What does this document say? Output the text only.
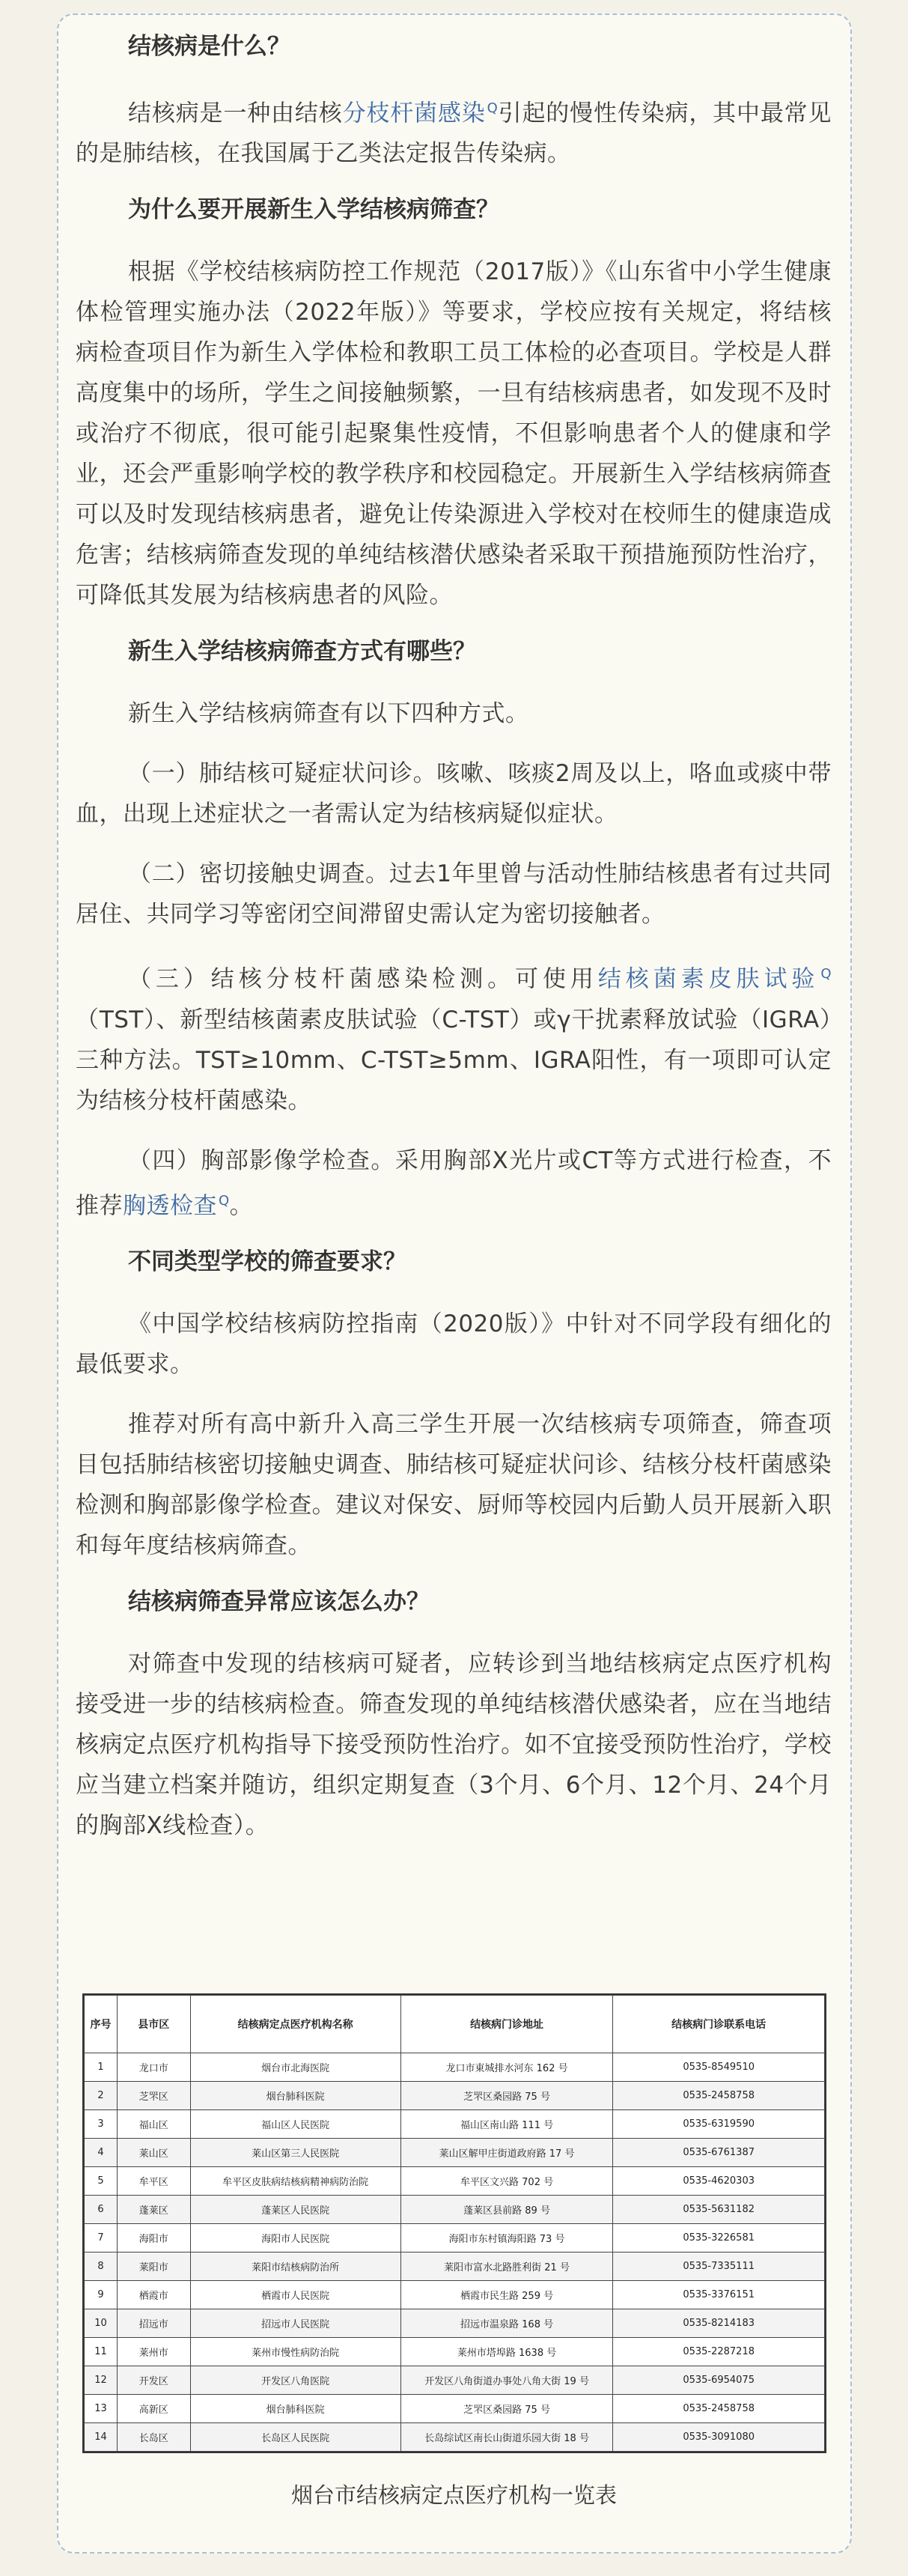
结核病是什么？
结核病是一种由结核分枝杆菌感染 $^Q$引起的慢性传染病，其中最常见的是肺结核，在我国属于乙类法定报告传染病。
为什么要开展新生入学结核病筛查？
根据《学校结核病防控工作规范（2017版）》《山东省中小学生健康体检管理实施办法（2022年版）》等要求，学校应按有关规定，将结核病检查项目作为新生入学体检和教职工员工体检的必查项目。学校是人群高度集中的场所，学生之间接触频繁，一旦有结核病患者，如发现不及时或治疗不彻底，很可能引起聚集性疫情，不但影响患者个人的健康和学业，还会严重影响学校的教学秩序和校园稳定。开展新生入学结核病筛查可以及时发现结核病患者，避免让传染源进入学校对在校师生的健康造成危害；结核病筛查发现的单纯结核潜伏感染者采取干预措施预防性治疗，可降低其发展为结核病患者的风险。
新生入学结核病筛查方式有哪些？
新生入学结核病筛查有以下四种方式。
（一）肺结核可疑症状问诊。咳嗽、咳痰2周及以上，咯血或痰中带血，出现上述症状之一者需认定为结核病疑似症状。
（二）密切接触史调查。过去1年里曾与活动性肺结核患者有过共同居住、共同学习等密闭空间滞留史需认定为密切接触者。
（三）结核分枝杆菌感染检测。可使用结核菌素皮肤试验 $^Q$（TST）、新型结核菌素皮肤试验（C-TST）或γ干扰素释放试验（IGRA）三种方法。TST≥10mm、C-TST≥5mm、IGRA阳性，有一项即可认定为结核分枝杆菌感染。
（四）胸部影像学检查。采用胸部X光片或CT等方式进行检查，不推荐胸透检查 $^Q$。
不同类型学校的筛查要求？
《中国学校结核病防控指南（2020版）》中针对不同学段有细化的最低要求。
推荐对所有高中新升入高三学生开展一次结核病专项筛查，筛查项目包括肺结核密切接触史调查、肺结核可疑症状问诊、结核分枝杆菌感染检测和胸部影像学检查。建议对保安、厨师等校园内后勤人员开展新入职和每年度结核病筛查。
结核病筛查异常应该怎么办？
对筛查中发现的结核病可疑者，应转诊到当地结核病定点医疗机构接受进一步的结核病检查。筛查发现的单纯结核潜伏感染者，应在当地结核病定点医疗机构指导下接受预防性治疗。如不宜接受预防性治疗，学校应当建立档案并随访，组织定期复查（3个月、6个月、12个月、24个月的胸部X线检查）。
序号	县市区	结核病定点医疗机构名称	结核病门诊地址	结核病门诊联系电话
1	龙口市	烟台市北海医院	龙口市東城排水河东 162 号	0535-8549510
2	芝罘区	烟台肺科医院	芝罘区桑园路 75 号	0535-2458758
3	福山区	福山区人民医院	福山区南山路 111 号	0535-6319590
4	莱山区	莱山区第三人民医院	莱山区解甲庄街道政府路 17 号	0535-6761387
5	牟平区	牟平区皮肤病结核病精神病防治院	牟平区文兴路 702 号	0535-4620303
6	蓬莱区	蓬莱区人民医院	蓬莱区县前路 89 号	0535-5631182
7	海阳市	海阳市人民医院	海阳市东村镇海阳路 73 号	0535-3226581
8	莱阳市	莱阳市结核病防治所	莱阳市富水北路胜利街 21 号	0535-7335111
9	栖霞市	栖霞市人民医院	栖霞市民生路 259 号	0535-3376151
10	招远市	招远市人民医院	招远市温泉路 168 号	0535-8214183
11	莱州市	莱州市慢性病防治院	莱州市塔埠路 1638 号	0535-2287218
12	开发区	开发区八角医院	开发区八角街道办事处八角大街 19 号	0535-6954075
13	高新区	烟台肺科医院	芝罘区桑园路 75 号	0535-2458758
14	长岛区	长岛区人民医院	长岛综试区南长山街道乐园大街 18 号	0535-3091080
烟台市结核病定点医疗机构一览表
